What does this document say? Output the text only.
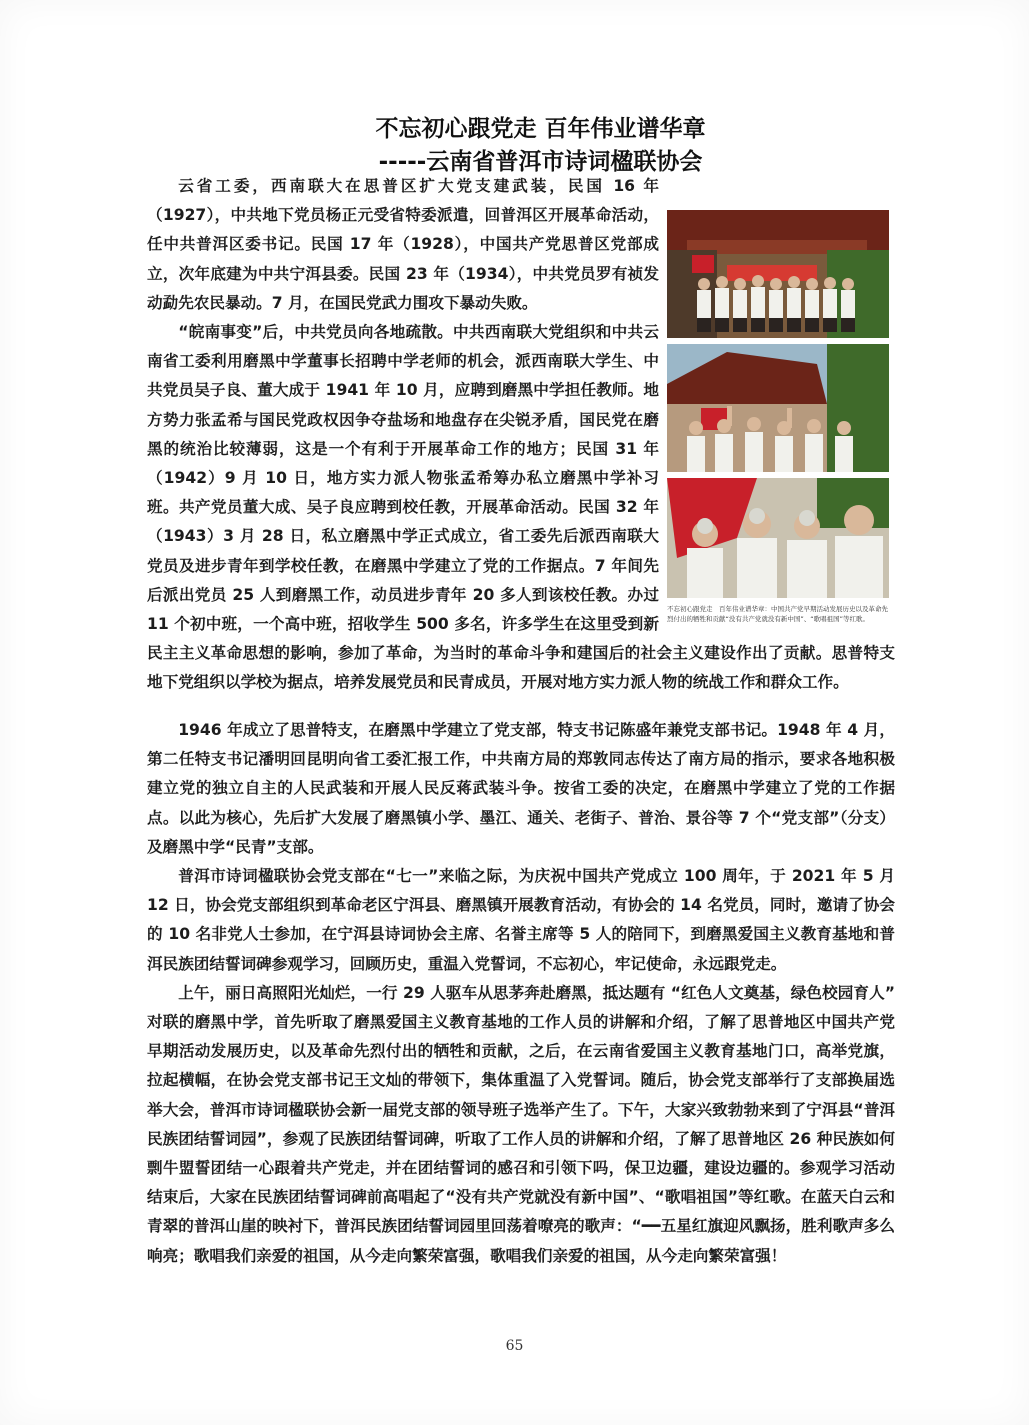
不忘初心跟党走 百年伟业谱华章
-----云南省普洱市诗词楹联协会

云省工委，西南联大在思普区扩大党支建武装，民国 16 年（1927），中共地下党员杨正元受省特委派遣，回普洱区开展革命活动，任中共普洱区委书记。民国 17 年（1928），中国共产党思普区党部成立，次年底建为中共宁洱县委。民国 23 年（1934），中共党员罗有祯发动勐先农民暴动。7 月，在国民党武力围攻下暴动失败。

“皖南事变”后，中共党员向各地疏散。中共西南联大党组织和中共云南省工委利用磨黑中学董事长招聘中学老师的机会，派西南联大学生、中共党员吴子良、董大成于 1941 年 10 月，应聘到磨黑中学担任教师。地方势力张孟希与国民党政权因争夺盐场和地盘存在尖锐矛盾，国民党在磨黑的统治比较薄弱，这是一个有利于开展革命工作的地方；民国 31 年（1942）9 月 10 日，地方实力派人物张孟希筹办私立磨黑中学补习班。共产党员董大成、吴子良应聘到校任教，开展革命活动。民国 32 年（1943）3 月 28 日，私立磨黑中学正式成立，省工委先后派西南联大党员及进步青年到学校任教，在磨黑中学建立了党的工作据点。7 年间先后派出党员 25 人到磨黑工作，动员进步青年 20 多人到该校任教。办过 11 个初中班，一个高中班，招收学生 500 多名，许多学生在这里受到新民主主义革命思想的影响，参加了革命，为当时的革命斗争和建国后的社会主义建设作出了贡献。思普特支地下党组织以学校为据点，培养发展党员和民青成员，开展对地方实力派人物的统战工作和群众工作。

1946 年成立了思普特支，在磨黑中学建立了党支部，特支书记陈盛年兼党支部书记。1948 年 4 月，第二任特支书记潘明回昆明向省工委汇报工作，中共南方局的郑敦同志传达了南方局的指示，要求各地积极建立党的独立自主的人民武装和开展人民反蒋武装斗争。按省工委的决定，在磨黑中学建立了党的工作据点。以此为核心，先后扩大发展了磨黑镇小学、墨江、通关、老街子、普治、景谷等 7 个“党支部”（分支）及磨黑中学“民青”支部。

普洱市诗词楹联协会党支部在“七一”来临之际，为庆祝中国共产党成立 100 周年，于 2021 年 5 月 12 日，协会党支部组织到革命老区宁洱县、磨黑镇开展教育活动，有协会的 14 名党员，同时，邀请了协会的 10 名非党人士参加，在宁洱县诗词协会主席、名誉主席等 5 人的陪同下，到磨黑爱国主义教育基地和普洱民族团结誓词碑参观学习，回顾历史，重温入党誓词，不忘初心，牢记使命，永远跟党走。

上午，丽日高照阳光灿烂，一行 29 人驱车从思茅奔赴磨黑，抵达题有 “红色人文奠基，绿色校园育人” 对联的磨黑中学，首先听取了磨黑爱国主义教育基地的工作人员的讲解和介绍，了解了思普地区中国共产党早期活动发展历史，以及革命先烈付出的牺牲和贡献，之后，在云南省爱国主义教育基地门口，高举党旗，拉起横幅，在协会党支部书记王文灿的带领下，集体重温了入党誓词。随后，协会党支部举行了支部换届选举大会，普洱市诗词楹联协会新一届党支部的领导班子选举产生了。下午，大家兴致勃勃来到了宁洱县“普洱民族团结誓词园”，参观了民族团结誓词碑，听取了工作人员的讲解和介绍，了解了思普地区 26 种民族如何剽牛盟誓团结一心跟着共产党走，并在团结誓词的感召和引领下吗，保卫边疆，建设边疆的。参观学习活动结束后，大家在民族团结誓词碑前高唱起了“没有共产党就没有新中国”、“歌唱祖国”等红歌。在蓝天白云和青翠的普洱山崖的映衬下，普洱民族团结誓词园里回荡着嘹亮的歌声：“━━五星红旗迎风飘扬，胜利歌声多么响亮；歌唱我们亲爱的祖国，从今走向繁荣富强，歌唱我们亲爱的祖国，从今走向繁荣富强！

不忘初心跟党走　百年伟业谱华章：中国共产党早期活动发展历史以及革命先烈付出的牺牲和贡献“没有共产党就没有新中国”、“歌唱祖国”等红歌。
65
